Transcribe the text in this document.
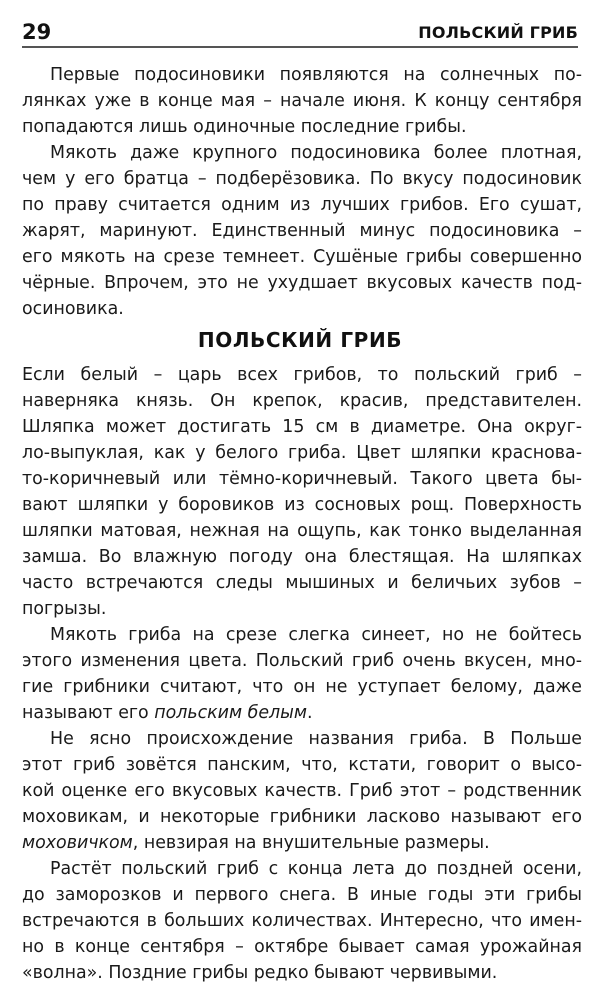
29	ПОЛЬСКИЙ ГРИБ
Первые подосиновики появляются на солнечных по-
лянках уже в конце мая – начале июня. К концу сентября
попадаются лишь одиночные последние грибы.
Мякоть даже крупного подосиновика более плотная,
чем у его братца – подберёзовика. По вкусу подосиновик
по праву считается одним из лучших грибов. Его сушат,
жарят, маринуют. Единственный минус подосиновика –
его мякоть на срезе темнеет. Сушёные грибы совершенно
чёрные. Впрочем, это не ухудшает вкусовых качеств под-
осиновика.
ПОЛЬСКИЙ ГРИБ
Если белый – царь всех грибов, то польский гриб –
наверняка князь. Он крепок, красив, представителен.
Шляпка может достигать 15 см в диаметре. Она округ-
ло-выпуклая, как у белого гриба. Цвет шляпки краснова-
то-коричневый или тёмно-коричневый. Такого цвета бы-
вают шляпки у боровиков из сосновых рощ. Поверхность
шляпки матовая, нежная на ощупь, как тонко выделанная
замша. Во влажную погоду она блестящая. На шляпках
часто встречаются следы мышиных и беличьих зубов –
погрызы.
Мякоть гриба на срезе слегка синеет, но не бойтесь
этого изменения цвета. Польский гриб очень вкусен, мно-
гие грибники считают, что он не уступает белому, даже
называют его польским белым.
Не ясно происхождение названия гриба. В Польше
этот гриб зовётся панским, что, кстати, говорит о высо-
кой оценке его вкусовых качеств. Гриб этот – родственник
моховикам, и некоторые грибники ласково называют его
моховичком, невзирая на внушительные размеры.
Растёт польский гриб с конца лета до поздней осени,
до заморозков и первого снега. В иные годы эти грибы
встречаются в больших количествах. Интересно, что имен-
но в конце сентября – октябре бывает самая урожайная
«волна». Поздние грибы редко бывают червивыми.
